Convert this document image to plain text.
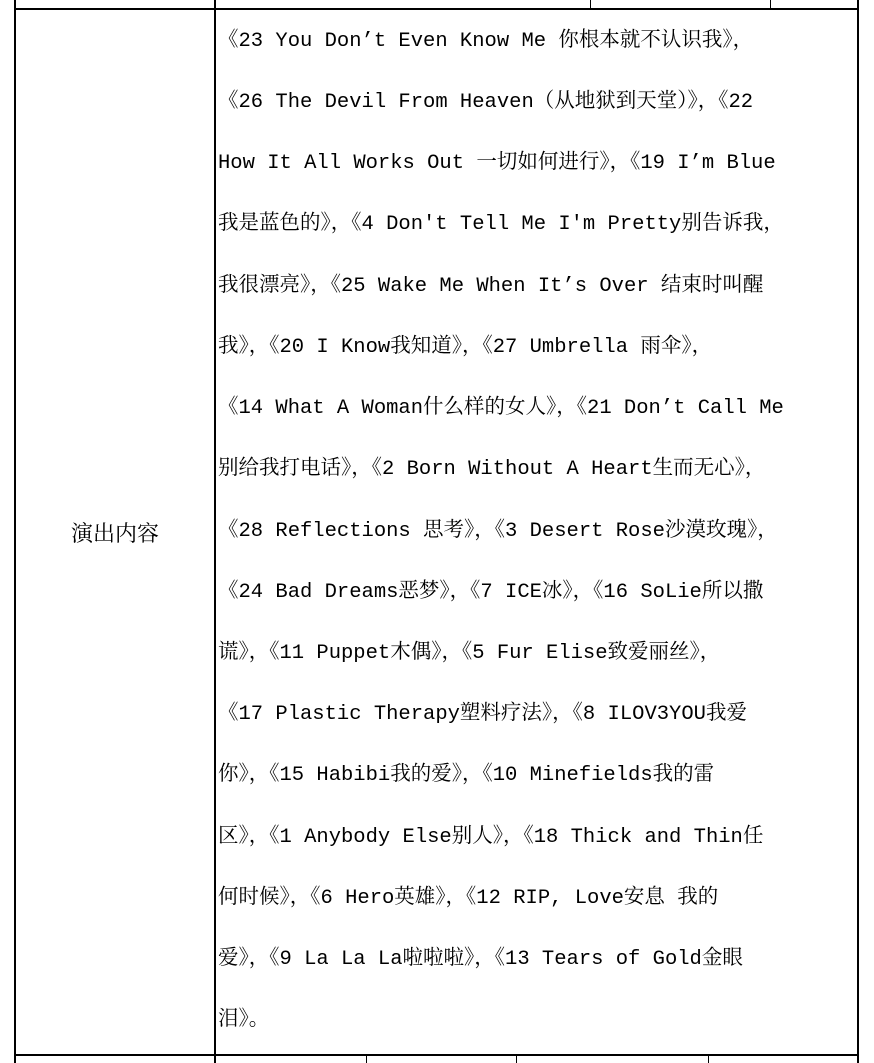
演出内容
《23 You Don’t Even Know Me 你根本就不认识我》，
《26 The Devil From Heaven（从地狱到天堂）》，《22
How It All Works Out 一切如何进行》，《19 I’m Blue
我是蓝色的》，《4 Don't Tell Me I'm Pretty别告诉我，
我很漂亮》，《25 Wake Me When It’s Over 结束时叫醒
我》，《20 I Know我知道》，《27 Umbrella 雨伞》，
《14 What A Woman什么样的女人》，《21 Don’t Call Me
别给我打电话》，《2 Born Without A Heart生而无心》，
《28 Reflections 思考》，《3 Desert Rose沙漠玫瑰》，
《24 Bad Dreams恶梦》，《7 ICE冰》，《16 SoLie所以撒
谎》，《11 Puppet木偶》，《5 Fur Elise致爱丽丝》，
《17 Plastic Therapy塑料疗法》，《8 ILOV3YOU我爱
你》，《15 Habibi我的爱》，《10 Minefields我的雷
区》，《1 Anybody Else别人》，《18 Thick and Thin任
何时候》，《6 Hero英雄》，《12 RIP, Love安息 我的
爱》，《9 La La La啦啦啦》，《13 Tears of Gold金眼
泪》。
